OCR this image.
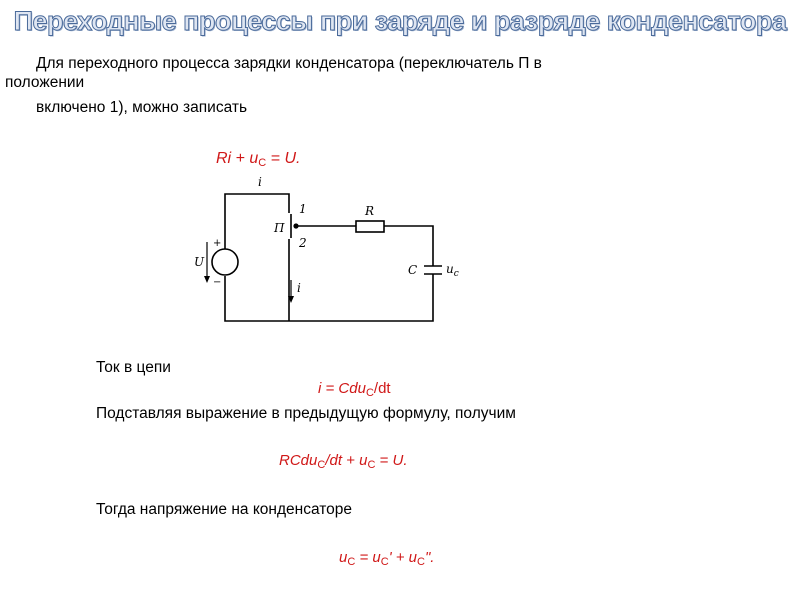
Переходные процессы при заряде и разряде конденсатора
Для переходного процесса зарядки конденсатора (переключатель П в
положении
включено 1), можно записать
$Ri + u_C = U$.
U
+
−
i
П
1
2
i
R
C $u_c$
Ток в цепи
i = Cdu$_C$/dt
Подставляя выражение в предыдущую формулу, получим
RCdu$_C$/dt + $u_C = U$.
Тогда напряжение на конденсаторе
$u_C = u_C' + u_C$".
